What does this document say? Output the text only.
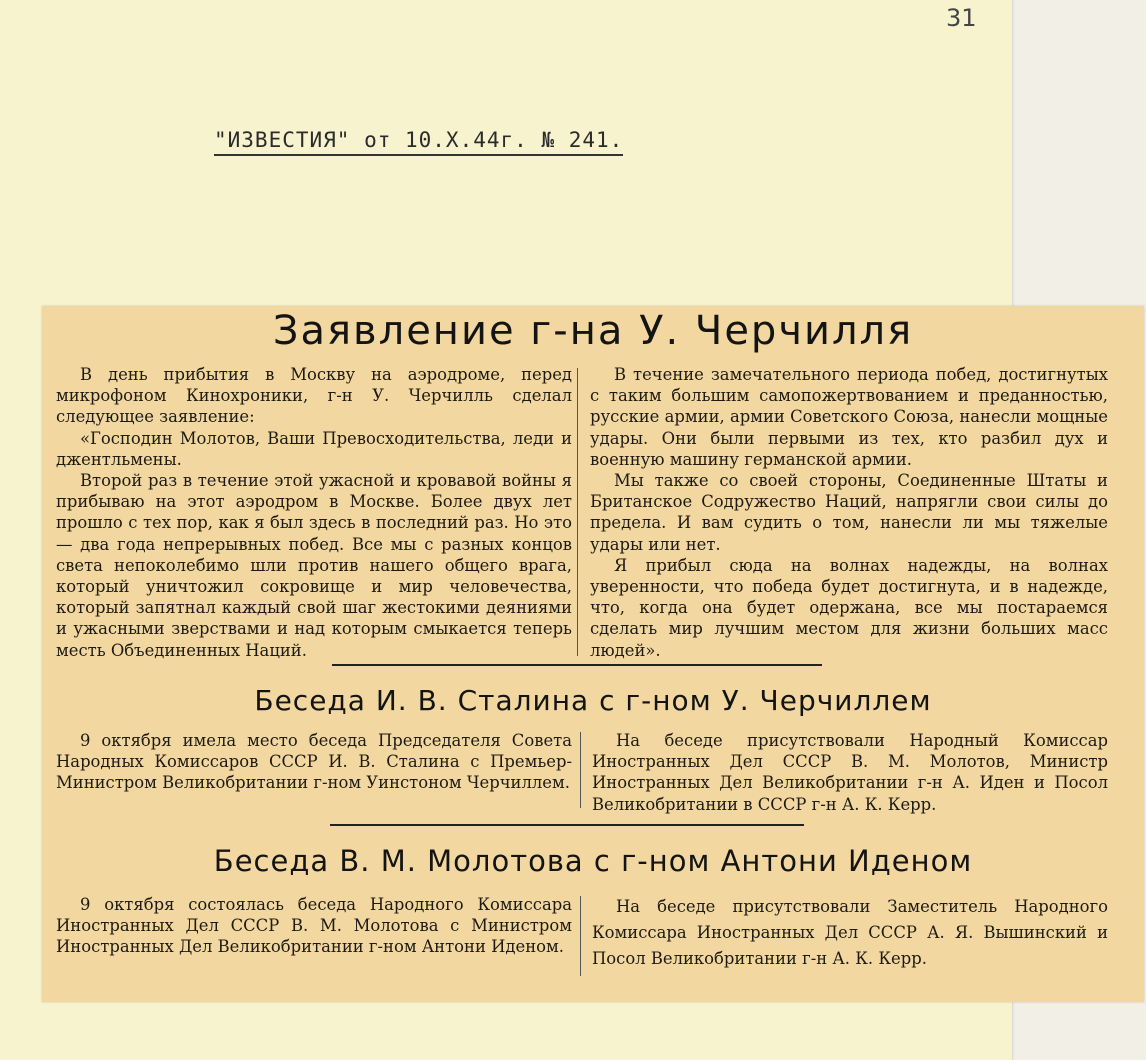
31
"ИЗВЕСТИЯ" от 10.Х.44г. № 241.
Заявление г-на У. Черчилля

В день прибытия в Москву на аэродроме, перед микрофоном Кинохроники, г-н У. Черчилль сделал следующее заявление:

«Господин Молотов, Ваши Превосходительства, леди и джентльмены.

Второй раз в течение этой ужасной и кровавой войны я прибываю на этот аэродром в Москве. Более двух лет прошло с тех пор, как я был здесь в последний раз. Но это — два года непрерывных побед. Все мы с разных концов света непоколебимо шли против нашего общего врага, который уничтожил сокровище и мир человечества, который запятнал каждый свой шаг жестокими деяниями и ужасными зверствами и над которым смыкается теперь месть Объединенных Наций.

В течение замечательного периода побед, достигнутых с таким большим самопожертвованием и преданностью, русские армии, армии Советского Союза, нанесли мощные удары. Они были первыми из тех, кто разбил дух и военную машину германской армии.

Мы также со своей стороны, Соединенные Штаты и Британское Содружество Наций, напрягли свои силы до предела. И вам судить о том, нанесли ли мы тяжелые удары или нет.

Я прибыл сюда на волнах надежды, на волнах уверенности, что победа будет достигнута, и в надежде, что, когда она будет одержана, все мы постараемся сделать мир лучшим местом для жизни больших масс людей».

Беседа И. В. Сталина с г-ном У. Черчиллем

9 октября имела место беседа Председателя Совета Народных Комиссаров СССР И. В. Сталина с Премьер-Министром Великобритании г-ном Уинстоном Черчиллем.

На беседе присутствовали Народный Комиссар Иностранных Дел СССР В. М. Молотов, Министр Иностранных Дел Великобритании г-н А. Иден и Посол Великобритании в СССР г-н А. К. Керр.

Беседа В. М. Молотова с г-ном Антони Иденом

9 октября состоялась беседа Народного Комиссара Иностранных Дел СССР В. М. Молотова с Министром Иностранных Дел Великобритании г-ном Антони Иденом.

На беседе присутствовали Заместитель Народного Комиссара Иностранных Дел СССР А. Я. Вышинский и Посол Великобритании г-н А. К. Керр.
